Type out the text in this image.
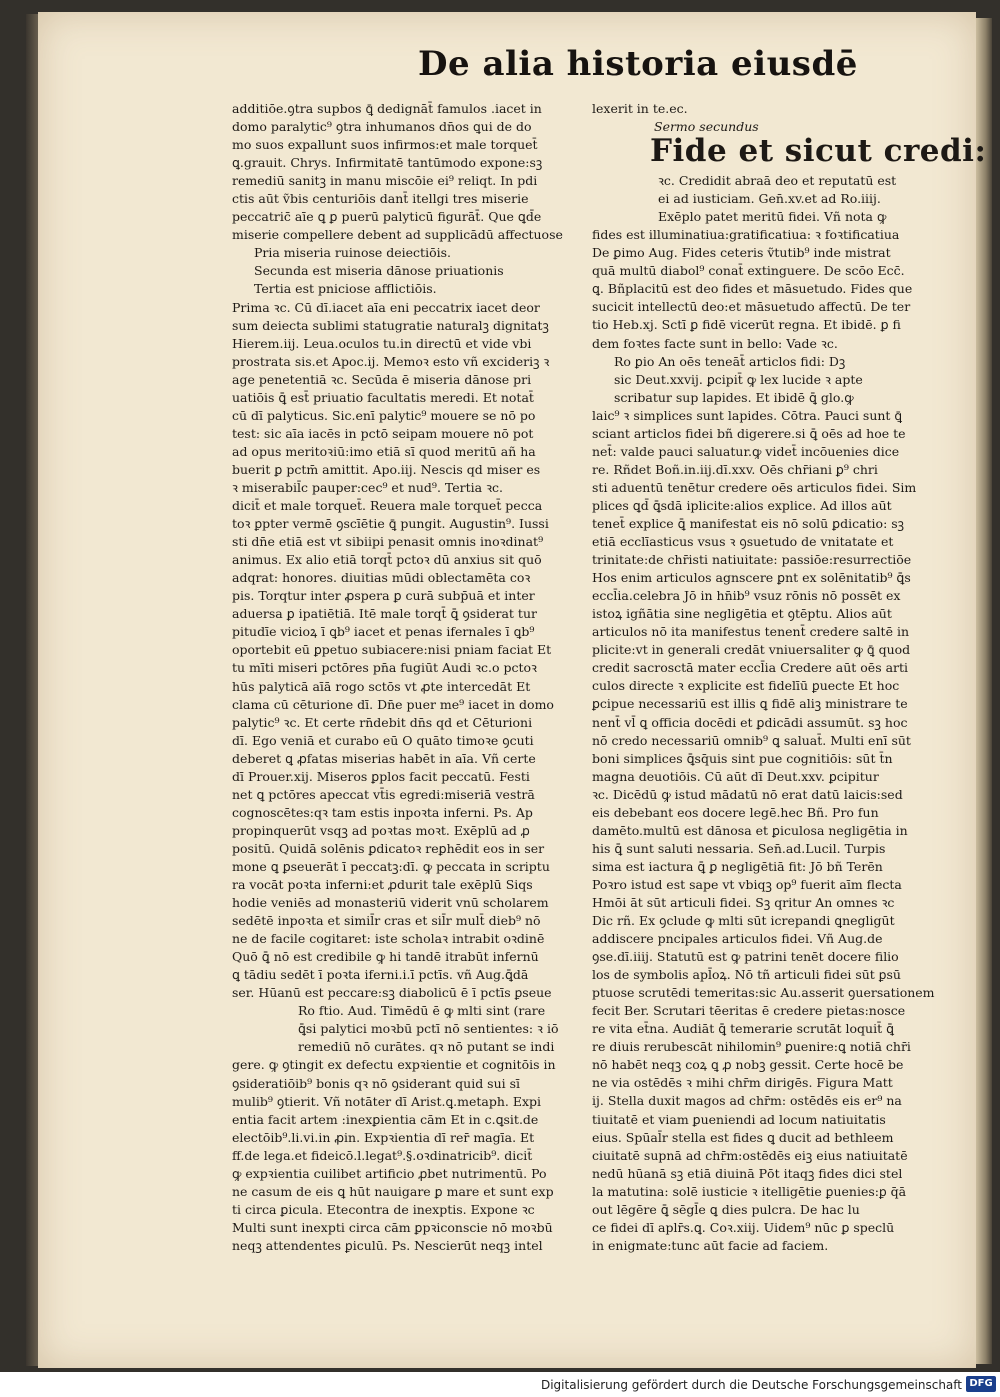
De alia historia eiusdē
additiōe.ꝯtra supbos ꝗ̄ dedignāt̄ famulos .iacet in
domo paralytic⁹ ꝯtra inhumanos dn̄os ꝗui de do
mo suos expallunt suos infirmos:et male torquet̄
ꝗ.grauit. Chrys. Infirmitatē tantūmodo expone:sꝫ
remediū sanitꝫ in manu miscōie ei⁹ reliqt. In pdi
ctis aūt ṽbis centuriōis dant̄ itellgi tres miserie
peccatric̄ aīe ꝗ ꝑ puerū palyticū figurāt̄. Que ꝗd̄e
miserie compellere debent ad supplicādū affectuose
Pria miseria ruinose deiectiōis.
Secunda est miseria dānose priuationis
Tertia est pniciose afflictiōis.
Prima ꝛc. Cū dī.iacet aīa eni peccatrix iacet deor
sum deiecta sublimi statugratie naturalꝫ dignitatꝫ
Hierem.iij. Leua.oculos tu.in directū et vide vbi
prostrata sis.et Apoc.ij. Memoꝛ esto vñ excideriꝫ ꝛ
age penetentiā ꝛc. Secūda ē miseria dānose pri
uatiōis ꝗ̄ est̄ priuatio facultatis meredi. Et notat̄
cū dī palyticus. Sic.enī palytic⁹ mouere se nō po
test: sic aīa iacēs in pctō seipam mouere nō pot
ad opus meritoꝛiū:imo etiā sī quod meritū añ ha
buerit ꝑ pctm̄ amittit. Apo.iij. Nescis qd miser es
ꝛ miserabil̄c pauper:cec⁹ et nud⁹. Tertia ꝛc.
dicit̄ et male torquet̄. Reuera male torquet̄ pecca
toꝛ ꝑpter vermē ꝯscīētie ꝗ̄ pungit. Augustin⁹. Iussi
sti dn̄e etiā est vt sibiipi penasit omnis inoꝛdinat⁹
animus. Ex alio etiā torqt̄ pctoꝛ dū anxius sit quō
adqrat: honores. diuitias mūdi oblectamēta coꝛ
pis. Torqtur inter ꝓspera ꝑ curā subp̄uā et inter
aduersa ꝑ ipatiētiā. Itē male torqt̄ ꝗ̄ ꝯsiderat tur
pitudīe vicioꝝ ī ꝗb⁹ iacet et penas ifernales ī ꝗb⁹
oportebit eū ꝑpetuo subiacere:nisi pniam faciat Et
tu mīti miseri pctōres pn̄a fugiūt Audi ꝛc.o pctoꝛ
hūs palyticā aīā rogo sctōs vt ꝓte intercedāt Et
clama cū cēturione dī. Dn̄e puer me⁹ iacet in domo
palytic⁹ ꝛc. Et certe rn̄debit dn̄s qd et Cēturioni
dī. Ego veniā et curabo eū O quāto timoꝛe ꝯcuti
deberet ꝗ ꝓfatas miserias habēt in aīa. Vñ certe
dī Prouer.xij. Miseros ꝑplos facit peccatū. Festi
net ꝗ pctōres apeccat vt̄is egredi:miseriā vestrā
cognoscētes:qꝛ tam estis inpoꝛta inferni. Ps. Ap
propinquerūt vsqꝫ ad poꝛtas moꝛt. Exēplū ad ꝓ
positū. Quidā solēnis ꝑdicatoꝛ reꝑhēdit eos in ser
mone ꝗ ꝑseuerāt ī peccatꝫ:dī. ꝙ peccata in scriptu
ra vocāt poꝛta inferni:et ꝓdurit tale exēplū Siqs
hodie veniēs ad monasteriū viderit vnū scholarem
sedētē inpoꝛta et simil̄r cras et sil̄r mult̄ dieb⁹ nō
ne de facile cogitaret: iste scholaꝛ intrabit oꝛdinē
Quō ꝗ̄ nō est credibile ꝙ hi tandē itrabūt infernū
ꝗ tādiu sedēt ī poꝛta iferni.i.ī pctīs. vñ Aug.ꝗ̄dā
ser. Hūanū est peccare:sꝫ diabolicū ē ī pctīs ꝑseue
Ro ftio. Aud. Timēdū ē ꝙ mlti sint (rare
ꝗ̄si palytici moꝛbū pctī nō sentientes: ꝛ iō
remediū nō curātes. qꝛ nō putant se indi
gere. ꝙ ꝯtingit ex defectu expꝛientie et cognitōis in
ꝯsideratiōib⁹ bonis qꝛ nō ꝯsiderant quid sui sī
mulib⁹ ꝯtierit. Vñ notāter dī Arist.ꝗ.metaph. Expi
entia facit artem :inexꝑientia cām Et in c.ꝗsit.de
electōib⁹.li.vi.in ꝓin. Expꝛientia dī rer̄ magīa. Et
ff.de lega.et fideicō.l.legat⁹.§.oꝛdinatricib⁹. dicit̄
ꝙ expꝛientia cuilibet artificio ꝓbet nutrimentū. Po
ne casum de eis ꝗ hūt nauigare ꝑ mare et sunt exp
ti circa ꝑicula. Etecontra de inexptis. Expone ꝛc
Multi sunt inexpti circa cām ꝑpꝛiconscie nō moꝛbū
neqꝫ attendentes ꝑiculū. Ps. Nescierūt neqꝫ intel
lexerit in te.ec.
Sermo secundus
Fide et sicut credi:
ꝛc. Credidit abraā deo et reputatū est
ei ad iusticiam. Gen̄.xv.et ad Ro.iiij.
Exēplo patet meritū fidei. Vñ nota ꝙ
fides est illuminatiua:gratificatiua: ꝛ foꝛtificatiua
De ꝑimo Aug. Fides ceteris ṽtutib⁹ inde mistrat
quā multū diabol⁹ conat̄ extinguere. De scōo Ecc̄.
ꝗ. Bñplacitū est deo fides et māsuetudo. Fides que
sucicit intellectū deo:et māsuetudo affectū. De ter
tio Heb.xj. Sctī ꝑ fidē vicerūt regna. Et ibidē. ꝑ fi
dem foꝛtes facte sunt in bello: Vade ꝛc.
Ro ꝑio An oēs teneāt̄ articlos fidi: Dꝫ
sic Deut.xxvij. ꝑcipit̄ ꝙ lex lucide ꝛ apte
scribatur sup lapides. Et ibidē ꝗ̄ glo.ꝙ
laic⁹ ꝛ simplices sunt lapides. Cōtra. Pauci sunt ꝗ̄
sciant articlos fidei bñ digerere.si ꝗ̄ oēs ad hoe te
net̄: valde pauci saluatur.ꝙ videt̄ incōuenies dice
re. Rñdet Boñ.in.iij.dī.xxv. Oēs chr̄iani ꝑ⁹ chri
sti aduentū tenētur credere oēs articulos fidei. Sim
plices ꝗd̄ ꝗ̄sdā iplicite:alios explice. Ad illos aūt
tenet̄ explice ꝗ̄ manifestat eis nō solū ꝑdicatio: sꝫ
etiā ecclīasticus vsus ꝛ ꝯsuetudo de vnitatate et
trinitate:de chr̄isti natiuitate: passiōe:resurrectiōe
Hos enim articulos agnscere ꝑnt ex solēnitatib⁹ ꝗ̄s
eccl̄ia.celebra Jō in hn̄ib⁹ vsuz rōnis nō possēt ex
istoꝝ igñātia sine negligētia et ꝯtēptu. Alios aūt
articulos nō ita manifestus tenent̄ credere saltē in
plicite:vt in generali credāt vniuersaliter ꝙ ꝗ̄ quod
credit sacrosctā mater eccl̄ia Credere aūt oēs arti
culos directe ꝛ explicite est fidelīū ꝑuecte Et hoc
ꝑcipue necessariū est illis ꝗ fidē aliꝫ ministrare te
nent̄ vl̄ ꝗ officia docēdi et ꝑdicādi assumūt. sꝫ hoc
nō credo necessariū omnib⁹ ꝗ saluat̄. Multi enī sūt
boni simplices ꝗ̄sq̄uis sint pue cognitiōis: sūt t̄n
magna deuotiōis. Cū aūt dī Deut.xxv. ꝑcipitur
ꝛc. Dicēdū ꝙ istud mādatū nō erat datū laicis:sed
eis debebant eos docere legē.hec Bñ. Pro fun
damēto.multū est dānosa et ꝑiculosa negligētia in
his ꝗ̄ sunt saluti nessaria. Sen̄.ad.Lucil. Turpis
sima est iactura ꝗ̄ ꝑ negligētiā fit: Jō bñ Terēn
Poꝛro istud est sape vt vbiqꝫ op⁹ fuerit aīm flecta
Hmōi āt sūt articuli fidei. Sꝫ qritur An omnes ꝛc
Dic rñ. Ex ꝯclude ꝙ mlti sūt icrepandi ꝗnegligūt
addiscere pncipales articulos fidei. Vñ Aug.de
ꝯse.dī.iiij. Statutū est ꝙ patrini tenēt docere filio
los de symbolis apl̄oꝝ. Nō tñ articuli fidei sūt ꝑsū
ptuose scrutēdi temeritas:sic Au.asserit ꝯuersationem
fecit Ber. Scrutari tēeritas ē credere pietas:nosce
re vita et̄na. Audiāt ꝗ̄ temerarie scrutāt loquit̄ ꝗ̄
re diuis rerubescāt nihilomin⁹ ꝑuenire:ꝗ notiā chr̄i
nō habēt neqꝫ coꝝ ꝗ ꝓ nobꝫ gessit. Certe hocē be
ne via ostēdēs ꝛ mihi chr̄m dirigēs. Figura Matt
ij. Stella duxit magos ad chr̄m: ostēdēs eis er⁹ na
tiuitatē et viam ꝑueniendi ad locum natiuitatis
eius. Spūal̄r stella est fides ꝗ ducit ad bethleem
ciuitatē supnā ad chr̄m:ostēdēs eiꝫ eius natiuitatē
nedū hūanā sꝫ etiā diuinā Pōt itaqꝫ fides dici stel
la matutina: solē iusticie ꝛ itelligētie ꝑuenies:ꝑ q̄ā
out lēgēre ꝗ̄ sēgl̄e ꝗ dies pulcra. De hac lu
ce fidei dī aplr̄s.ꝗ. Coꝛ.xiij. Uidem⁹ nūc ꝑ speclū
in enigmate:tunc aūt facie ad faciem.
Digitalisierung gefördert durch die Deutsche Forschungsgemeinschaft DFG
